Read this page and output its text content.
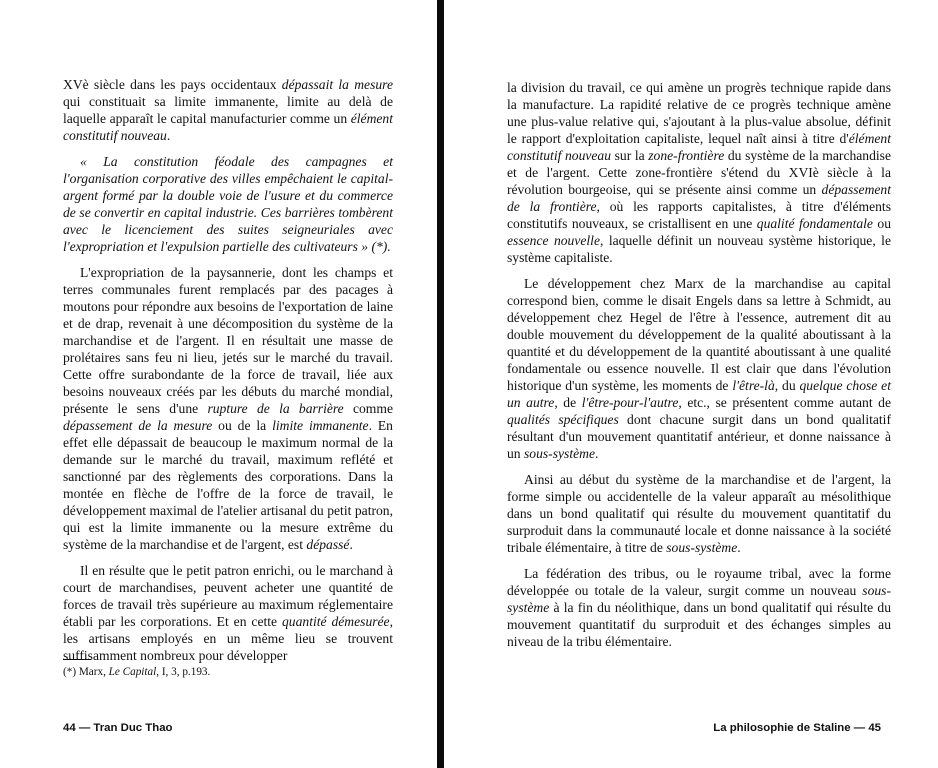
XVè siècle dans les pays occidentaux dépassait la mesure qui constituait sa limite immanente, limite au delà de laquelle apparaît le capital manufacturier comme un élément constitutif nouveau.

« La constitution féodale des campagnes et l'organisation corporative des villes empêchaient le capital-argent formé par la double voie de l'usure et du commerce de se convertir en capital industrie. Ces barrières tombèrent avec le licenciement des suites seigneuriales avec l'expropriation et l'expulsion partielle des cultivateurs » (*).

L'expropriation de la paysannerie, dont les champs et terres communales furent remplacés par des pacages à moutons pour répondre aux besoins de l'exportation de laine et de drap, revenait à une décomposition du système de la marchandise et de l'argent. Il en résultait une masse de prolétaires sans feu ni lieu, jetés sur le marché du travail. Cette offre surabondante de la force de travail, liée aux besoins nouveaux créés par les débuts du marché mondial, présente le sens d'une rupture de la barrière comme dépassement de la mesure ou de la limite immanente. En effet elle dépassait de beaucoup le maximum normal de la demande sur le marché du travail, maximum reflété et sanctionné par des règlements des corporations. Dans la montée en flèche de l'offre de la force de travail, le développement maximal de l'atelier artisanal du petit patron, qui est la limite immanente ou la mesure extrême du système de la marchandise et de l'argent, est dépassé.

Il en résulte que le petit patron enrichi, ou le marchand à court de marchandises, peuvent acheter une quantité de forces de travail très supérieure au maximum réglementaire établi par les corporations. Et en cette quantité démesurée, les artisans employés en un même lieu se trouvent suffisamment nombreux pour développer

(*) Marx, Le Capital, I, 3, p.193.
44 — Tran Duc Thao

la division du travail, ce qui amène un progrès technique rapide dans la manufacture. La rapidité relative de ce progrès technique amène une plus-value relative qui, s'ajoutant à la plus-value absolue, définit le rapport d'exploitation capitaliste, lequel naît ainsi à titre d'élément constitutif nouveau sur la zone-frontière du système de la marchandise et de l'argent. Cette zone-frontière s'étend du XVIè siècle à la révolution bourgeoise, qui se présente ainsi comme un dépassement de la frontière, où les rapports capitalistes, à titre d'éléments constitutifs nouveaux, se cristallisent en une qualité fondamentale ou essence nouvelle, laquelle définit un nouveau système historique, le système capitaliste.

Le développement chez Marx de la marchandise au capital correspond bien, comme le disait Engels dans sa lettre à Schmidt, au développement chez Hegel de l'être à l'essence, autrement dit au double mouvement du développement de la qualité aboutissant à la quantité et du développement de la quantité aboutissant à une qualité fondamentale ou essence nouvelle. Il est clair que dans l'évolution historique d'un système, les moments de l'être-là, du quelque chose et un autre, de l'être-pour-l'autre, etc., se présentent comme autant de qualités spécifiques dont chacune surgit dans un bond qualitatif résultant d'un mouvement quantitatif antérieur, et donne naissance à un sous-système.

Ainsi au début du système de la marchandise et de l'argent, la forme simple ou accidentelle de la valeur apparaît au mésolithique dans un bond qualitatif qui résulte du mouvement quantitatif du surproduit dans la communauté locale et donne naissance à la société tribale élémentaire, à titre de sous-système.

La fédération des tribus, ou le royaume tribal, avec la forme développée ou totale de la valeur, surgit comme un nouveau sous-système à la fin du néolithique, dans un bond qualitatif qui résulte du mouvement quantitatif du surproduit et des échanges simples au niveau de la tribu élémentaire.

La philosophie de Staline — 45
